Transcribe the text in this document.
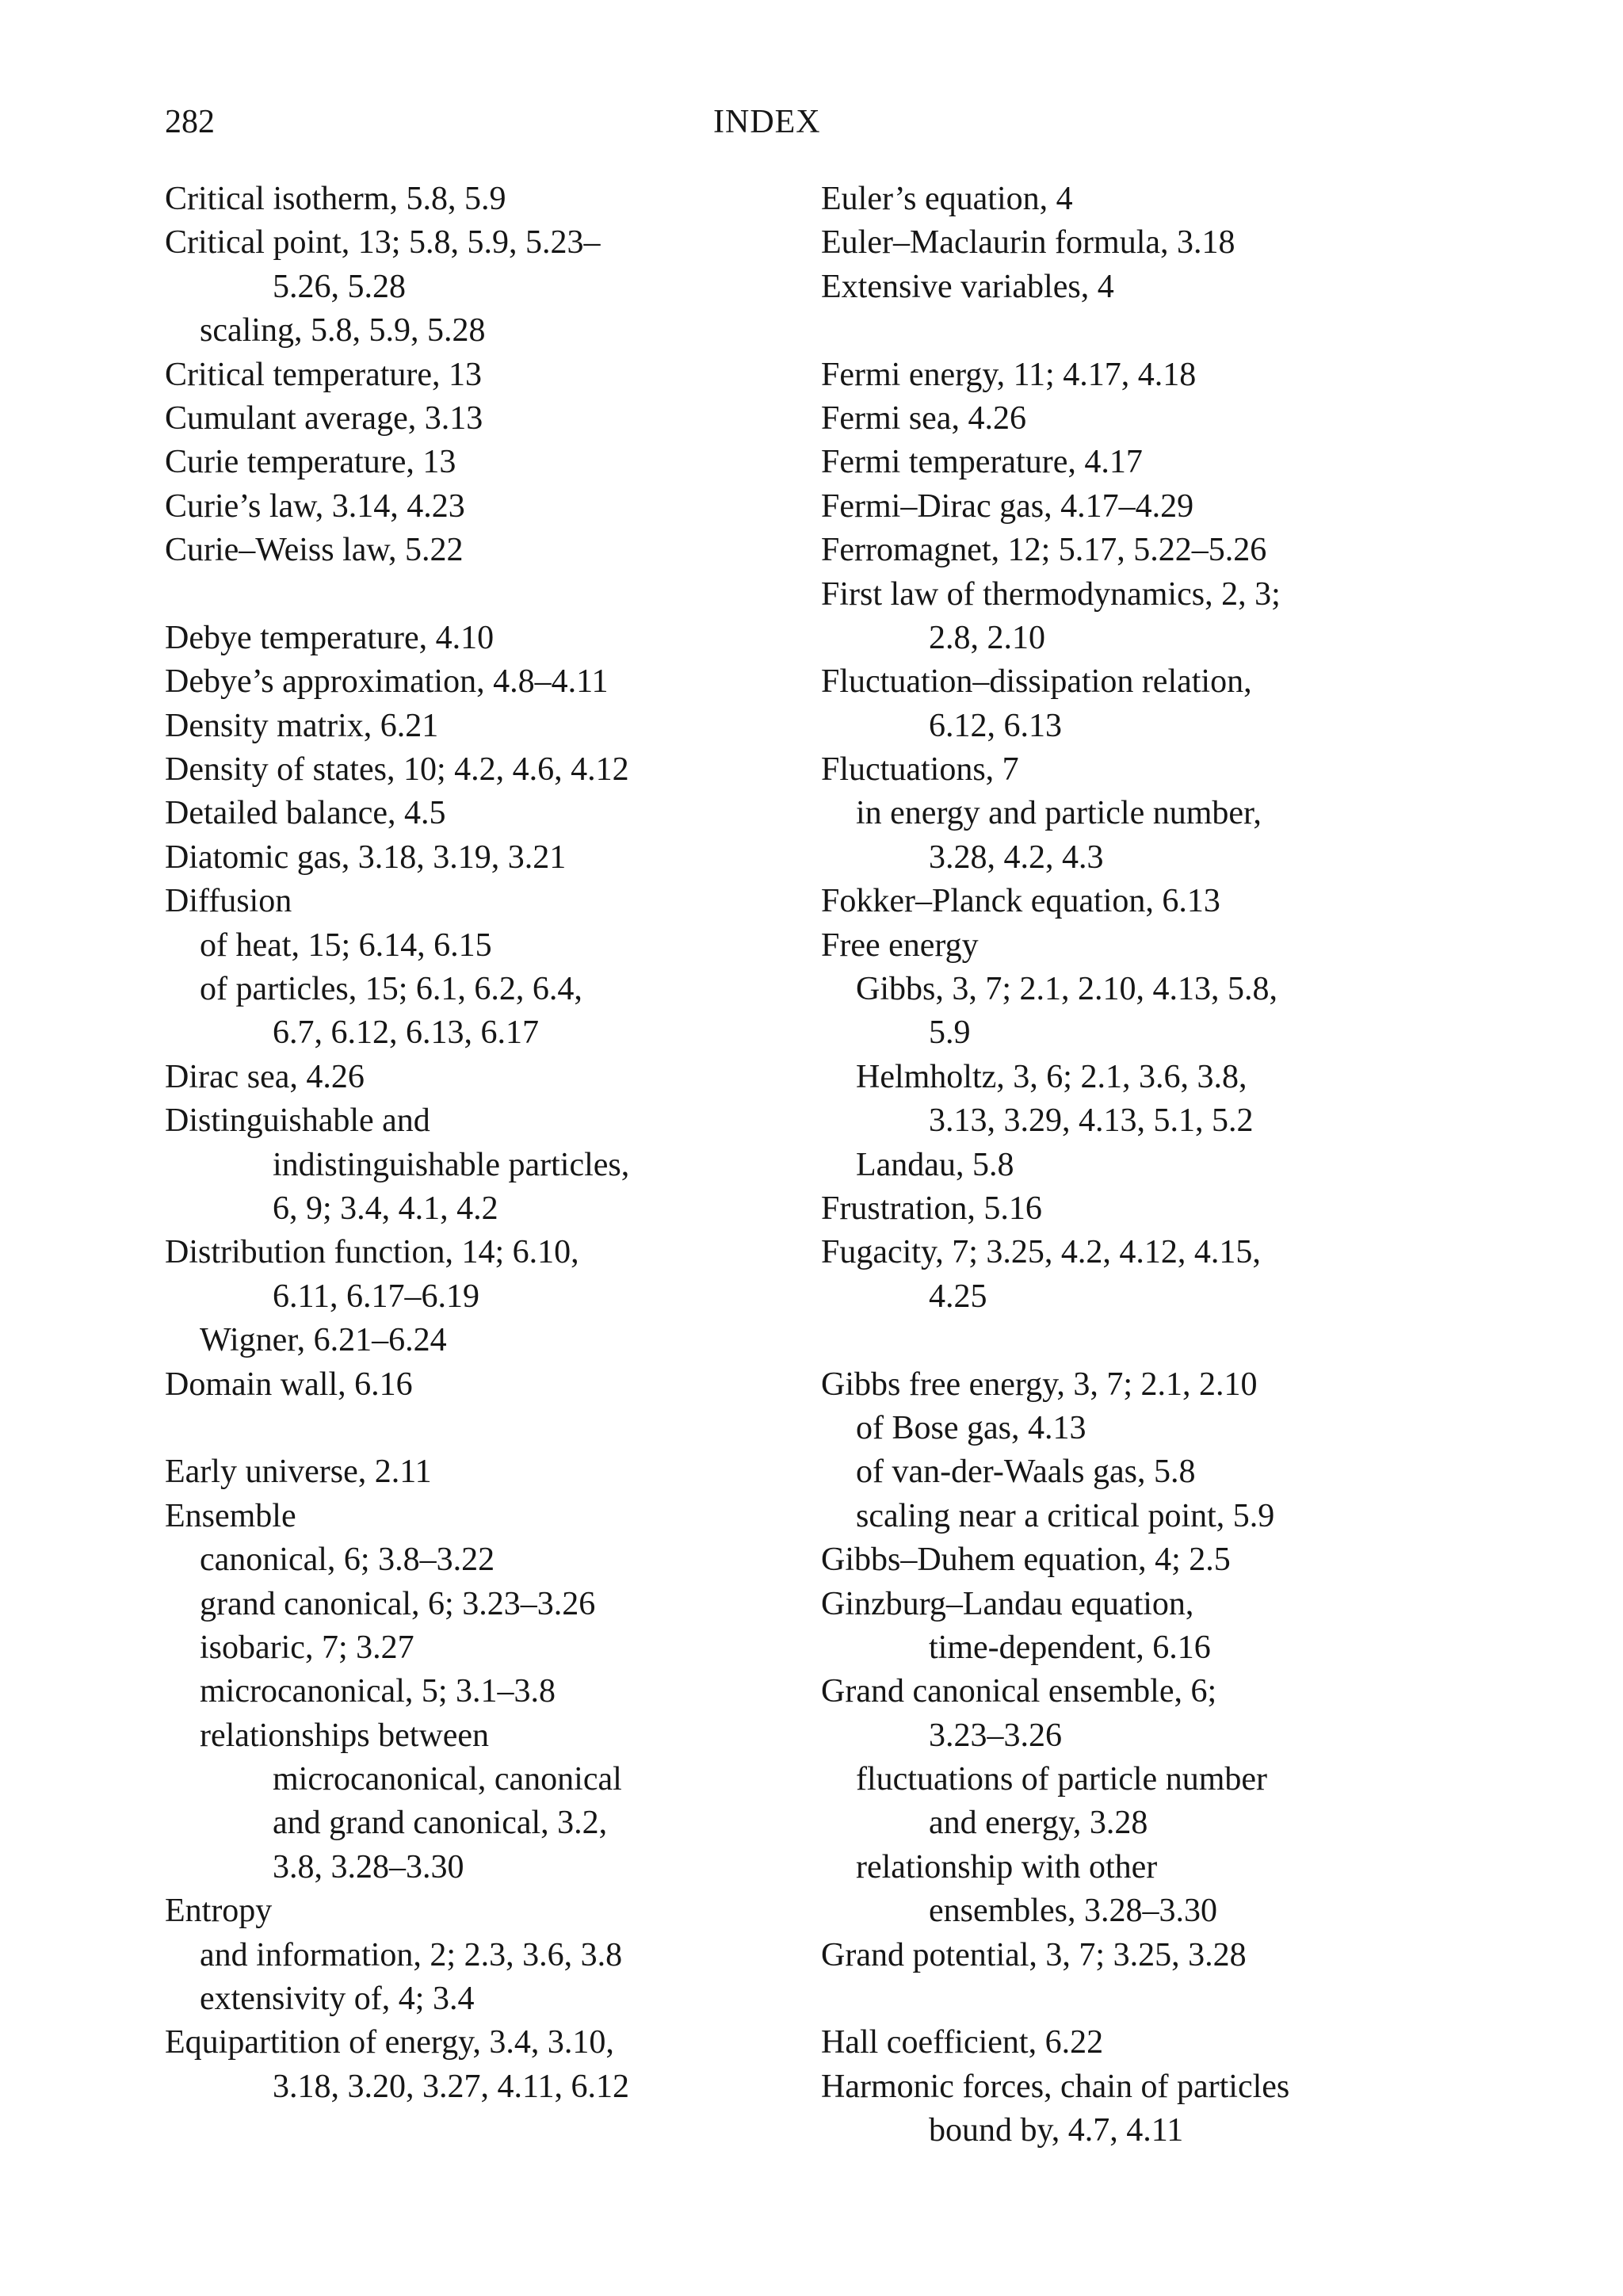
282	INDEX
Critical isotherm, 5.8, 5.9
Critical point, 13; 5.8, 5.9, 5.23–
5.26, 5.28
scaling, 5.8, 5.9, 5.28
Critical temperature, 13
Cumulant average, 3.13
Curie temperature, 13
Curie’s law, 3.14, 4.23
Curie–Weiss law, 5.22
Debye temperature, 4.10
Debye’s approximation, 4.8–4.11
Density matrix, 6.21
Density of states, 10; 4.2, 4.6, 4.12
Detailed balance, 4.5
Diatomic gas, 3.18, 3.19, 3.21
Diffusion
of heat, 15; 6.14, 6.15
of particles, 15; 6.1, 6.2, 6.4,
6.7, 6.12, 6.13, 6.17
Dirac sea, 4.26
Distinguishable and
indistinguishable particles,
6, 9; 3.4, 4.1, 4.2
Distribution function, 14; 6.10,
6.11, 6.17–6.19
Wigner, 6.21–6.24
Domain wall, 6.16
Early universe, 2.11
Ensemble
canonical, 6; 3.8–3.22
grand canonical, 6; 3.23–3.26
isobaric, 7; 3.27
microcanonical, 5; 3.1–3.8
relationships between
microcanonical, canonical
and grand canonical, 3.2,
3.8, 3.28–3.30
Entropy
and information, 2; 2.3, 3.6, 3.8
extensivity of, 4; 3.4
Equipartition of energy, 3.4, 3.10,
3.18, 3.20, 3.27, 4.11, 6.12
Euler’s equation, 4
Euler–Maclaurin formula, 3.18
Extensive variables, 4
Fermi energy, 11; 4.17, 4.18
Fermi sea, 4.26
Fermi temperature, 4.17
Fermi–Dirac gas, 4.17–4.29
Ferromagnet, 12; 5.17, 5.22–5.26
First law of thermodynamics, 2, 3;
2.8, 2.10
Fluctuation–dissipation relation,
6.12, 6.13
Fluctuations, 7
in energy and particle number,
3.28, 4.2, 4.3
Fokker–Planck equation, 6.13
Free energy
Gibbs, 3, 7; 2.1, 2.10, 4.13, 5.8,
5.9
Helmholtz, 3, 6; 2.1, 3.6, 3.8,
3.13, 3.29, 4.13, 5.1, 5.2
Landau, 5.8
Frustration, 5.16
Fugacity, 7; 3.25, 4.2, 4.12, 4.15,
4.25
Gibbs free energy, 3, 7; 2.1, 2.10
of Bose gas, 4.13
of van-der-Waals gas, 5.8
scaling near a critical point, 5.9
Gibbs–Duhem equation, 4; 2.5
Ginzburg–Landau equation,
time-dependent, 6.16
Grand canonical ensemble, 6;
3.23–3.26
fluctuations of particle number
and energy, 3.28
relationship with other
ensembles, 3.28–3.30
Grand potential, 3, 7; 3.25, 3.28
Hall coefficient, 6.22
Harmonic forces, chain of particles
bound by, 4.7, 4.11
